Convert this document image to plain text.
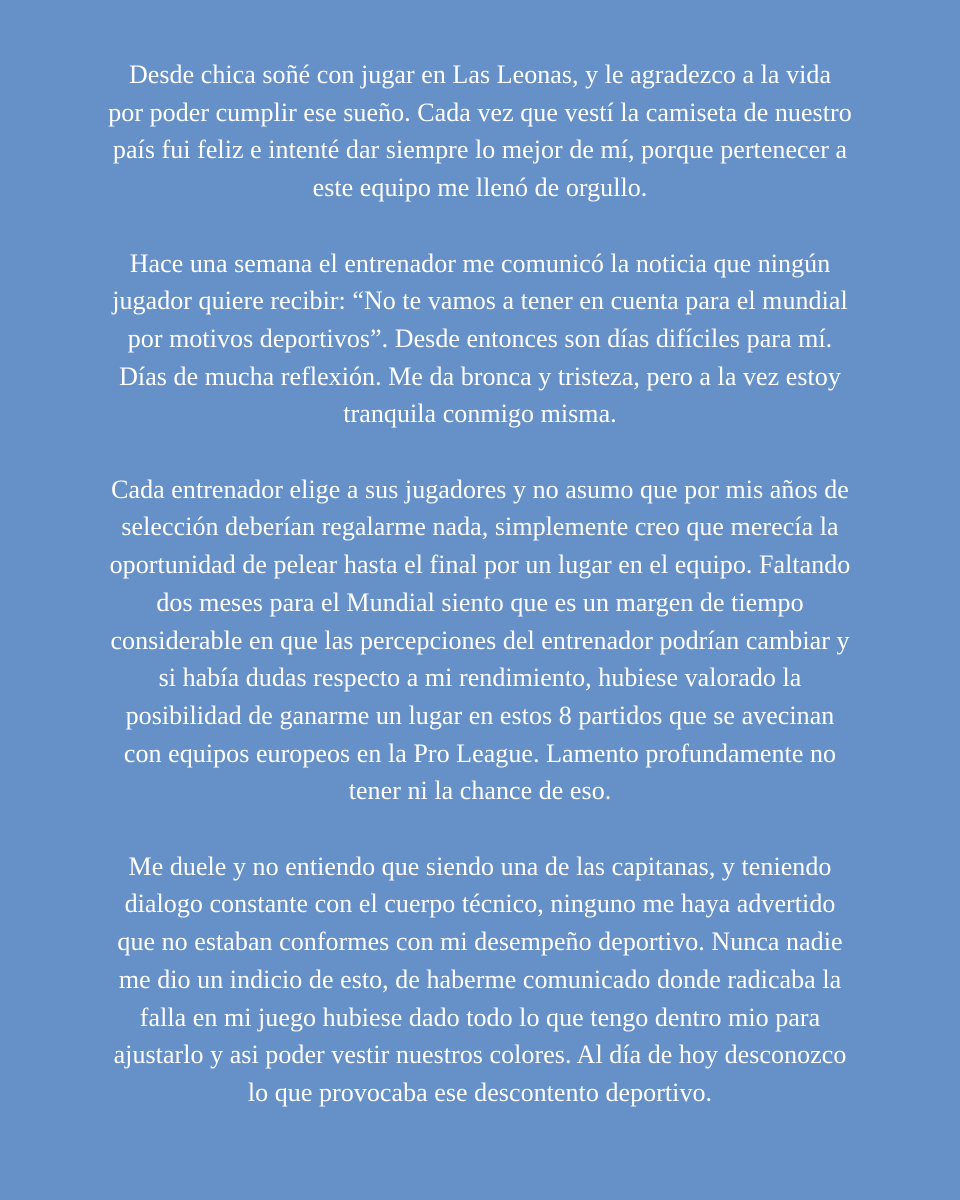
Desde chica soñé con jugar en Las Leonas, y le agradezco a la vida
por poder cumplir ese sueño. Cada vez que vestí la camiseta de nuestro
país fui feliz e intenté dar siempre lo mejor de mí, porque pertenecer a
este equipo me llenó de orgullo.

Hace una semana el entrenador me comunicó la noticia que ningún
jugador quiere recibir: “No te vamos a tener en cuenta para el mundial
por motivos deportivos”. Desde entonces son días difíciles para mí.
Días de mucha reflexión. Me da bronca y tristeza, pero a la vez estoy
tranquila conmigo misma.

Cada entrenador elige a sus jugadores y no asumo que por mis años de
selección deberían regalarme nada, simplemente creo que merecía la
oportunidad de pelear hasta el final por un lugar en el equipo. Faltando
dos meses para el Mundial siento que es un margen de tiempo
considerable en que las percepciones del entrenador podrían cambiar y
si había dudas respecto a mi rendimiento, hubiese valorado la
posibilidad de ganarme un lugar en estos 8 partidos que se avecinan
con equipos europeos en la Pro League. Lamento profundamente no
tener ni la chance de eso.

Me duele y no entiendo que siendo una de las capitanas, y teniendo
dialogo constante con el cuerpo técnico, ninguno me haya advertido
que no estaban conformes con mi desempeño deportivo. Nunca nadie
me dio un indicio de esto, de haberme comunicado donde radicaba la
falla en mi juego hubiese dado todo lo que tengo dentro mio para
ajustarlo y asi poder vestir nuestros colores. Al día de hoy desconozco
lo que provocaba ese descontento deportivo.
